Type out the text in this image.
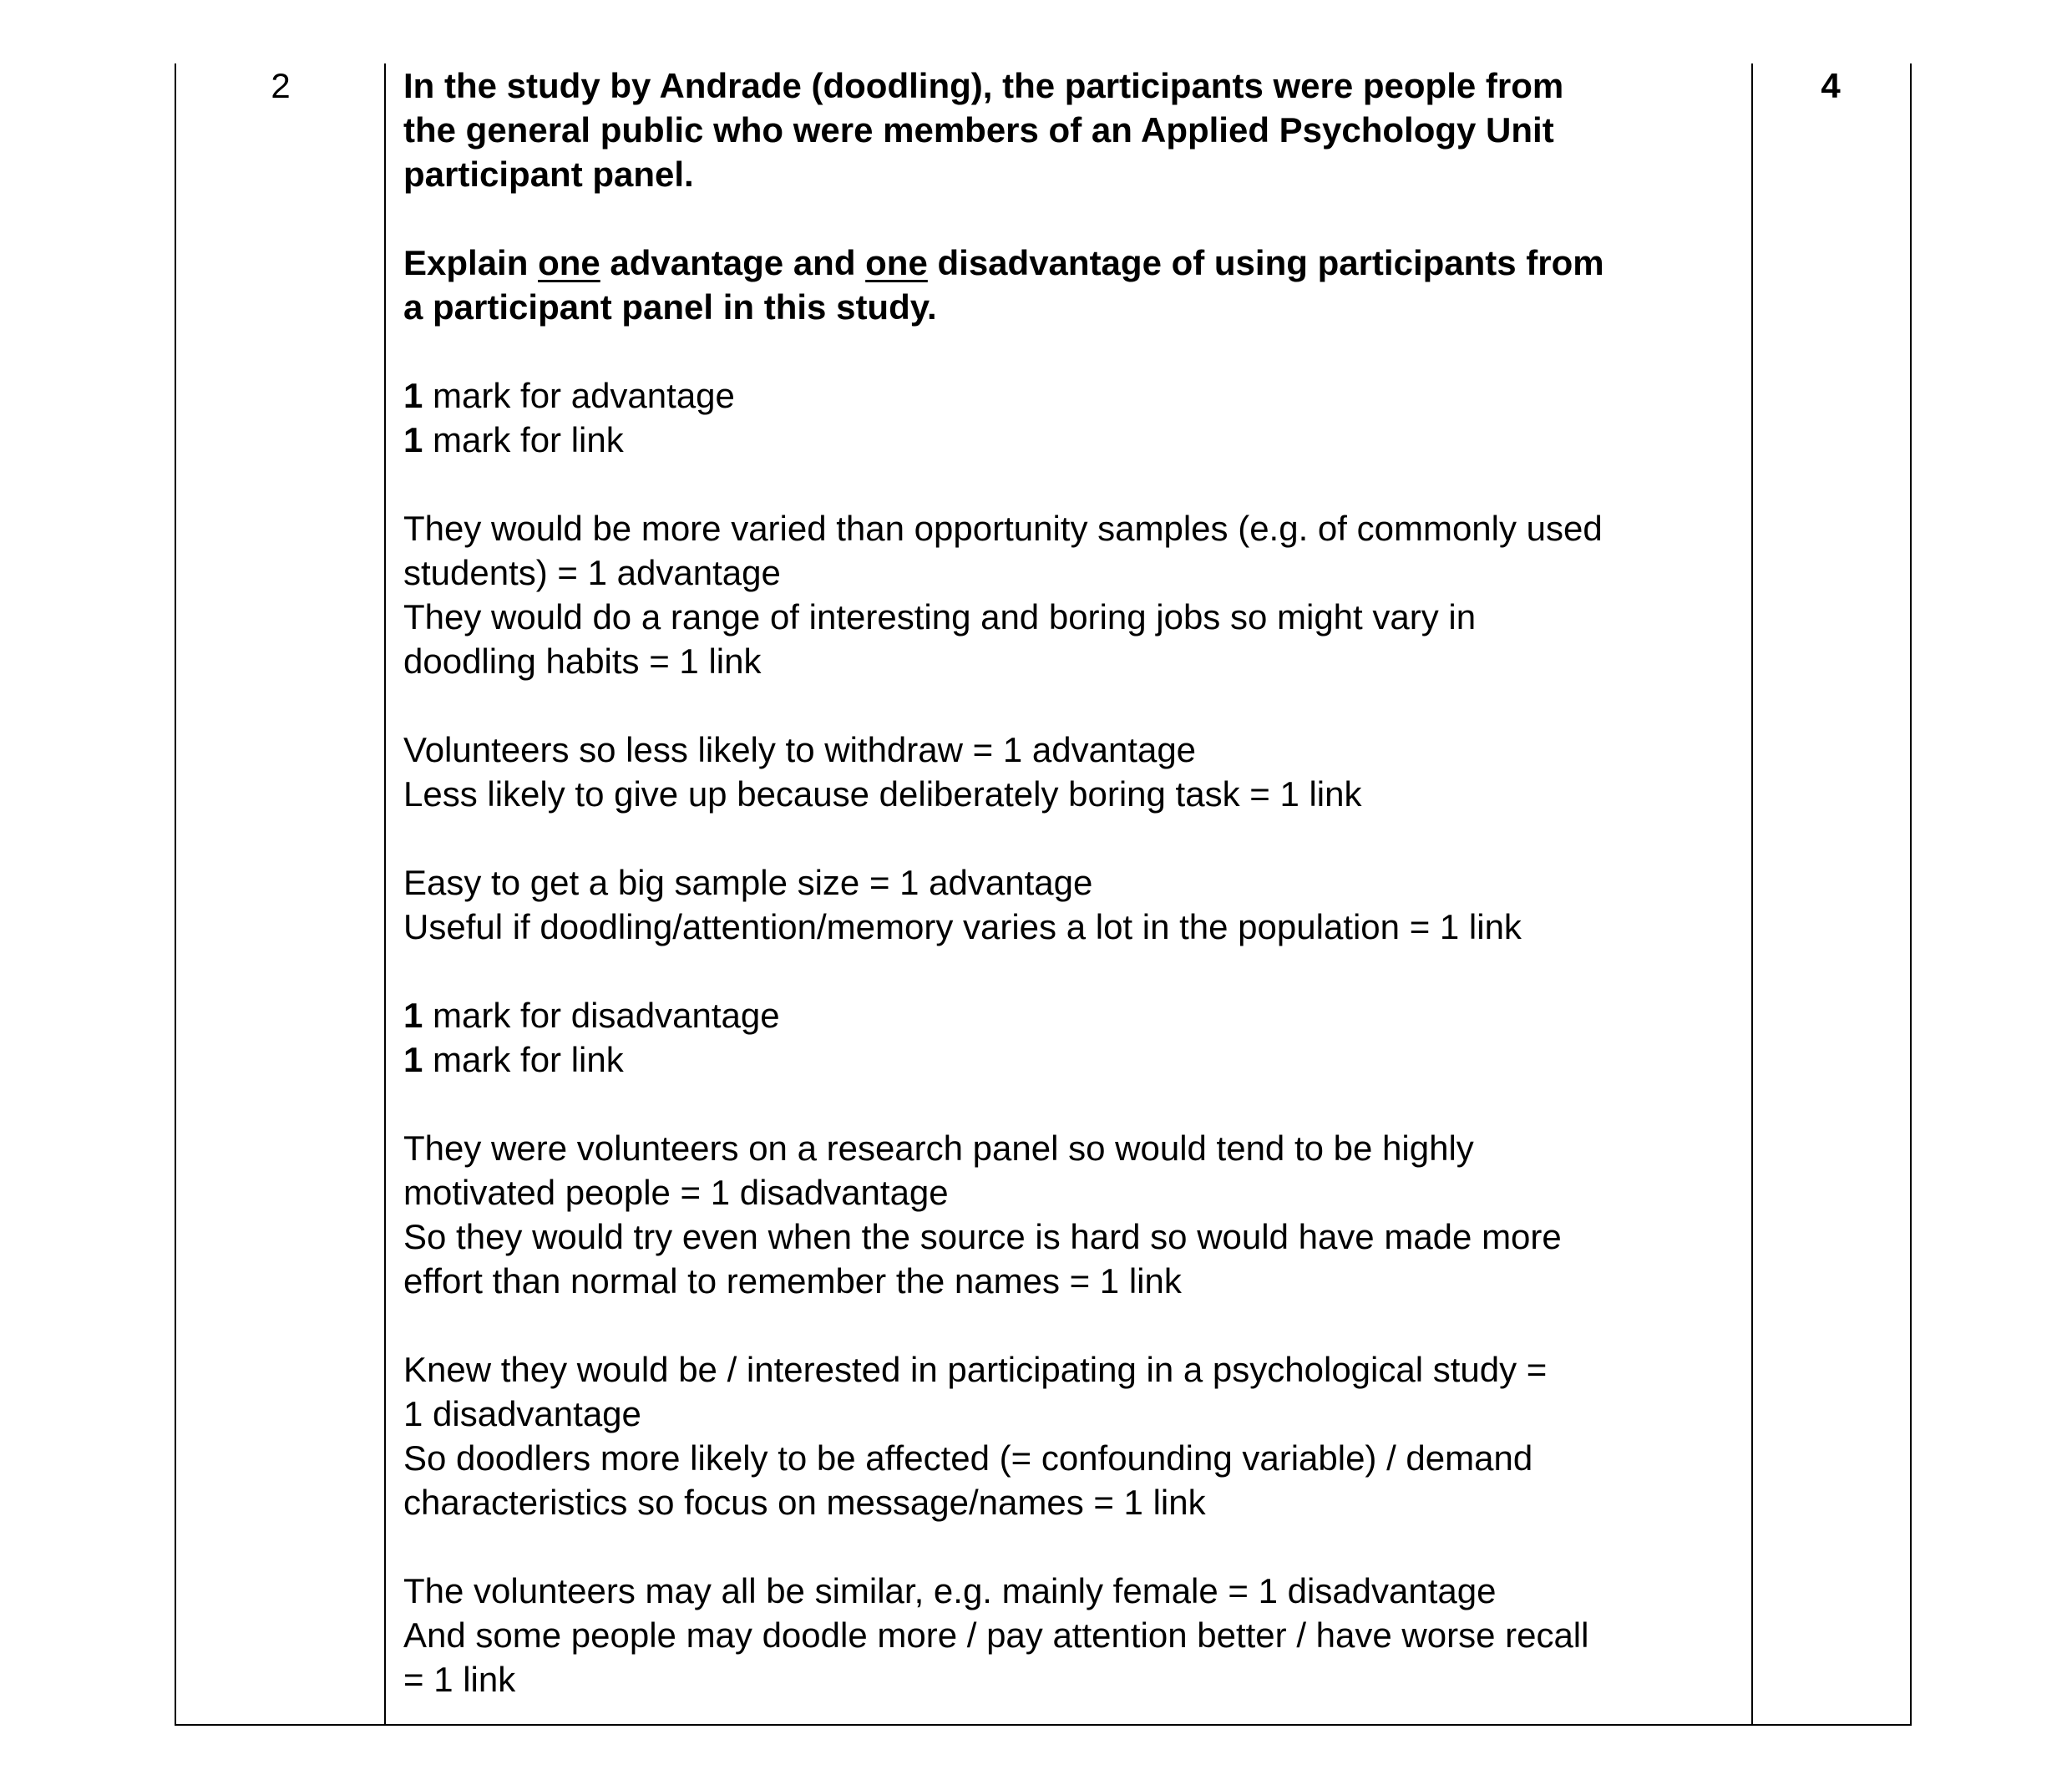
2	In the study by Andrade (doodling), the participants were people from
the general public who were members of an Applied Psychology Unit
participant panel.

Explain one advantage and one disadvantage of using participants from
a participant panel in this study.

1 mark for advantage
1 mark for link

They would be more varied than opportunity samples (e.g. of commonly used
students) = 1 advantage
They would do a range of interesting and boring jobs so might vary in
doodling habits = 1 link

Volunteers so less likely to withdraw = 1 advantage
Less likely to give up because deliberately boring task = 1 link

Easy to get a big sample size = 1 advantage
Useful if doodling/attention/memory varies a lot in the population = 1 link

1 mark for disadvantage
1 mark for link

They were volunteers on a research panel so would tend to be highly
motivated people = 1 disadvantage
So they would try even when the source is hard so would have made more
effort than normal to remember the names = 1 link

Knew they would be / interested in participating in a psychological study =
1 disadvantage
So doodlers more likely to be affected (= confounding variable) / demand
characteristics so focus on message/names = 1 link

The volunteers may all be similar, e.g. mainly female = 1 disadvantage
And some people may doodle more / pay attention better / have worse recall
= 1 link

4
